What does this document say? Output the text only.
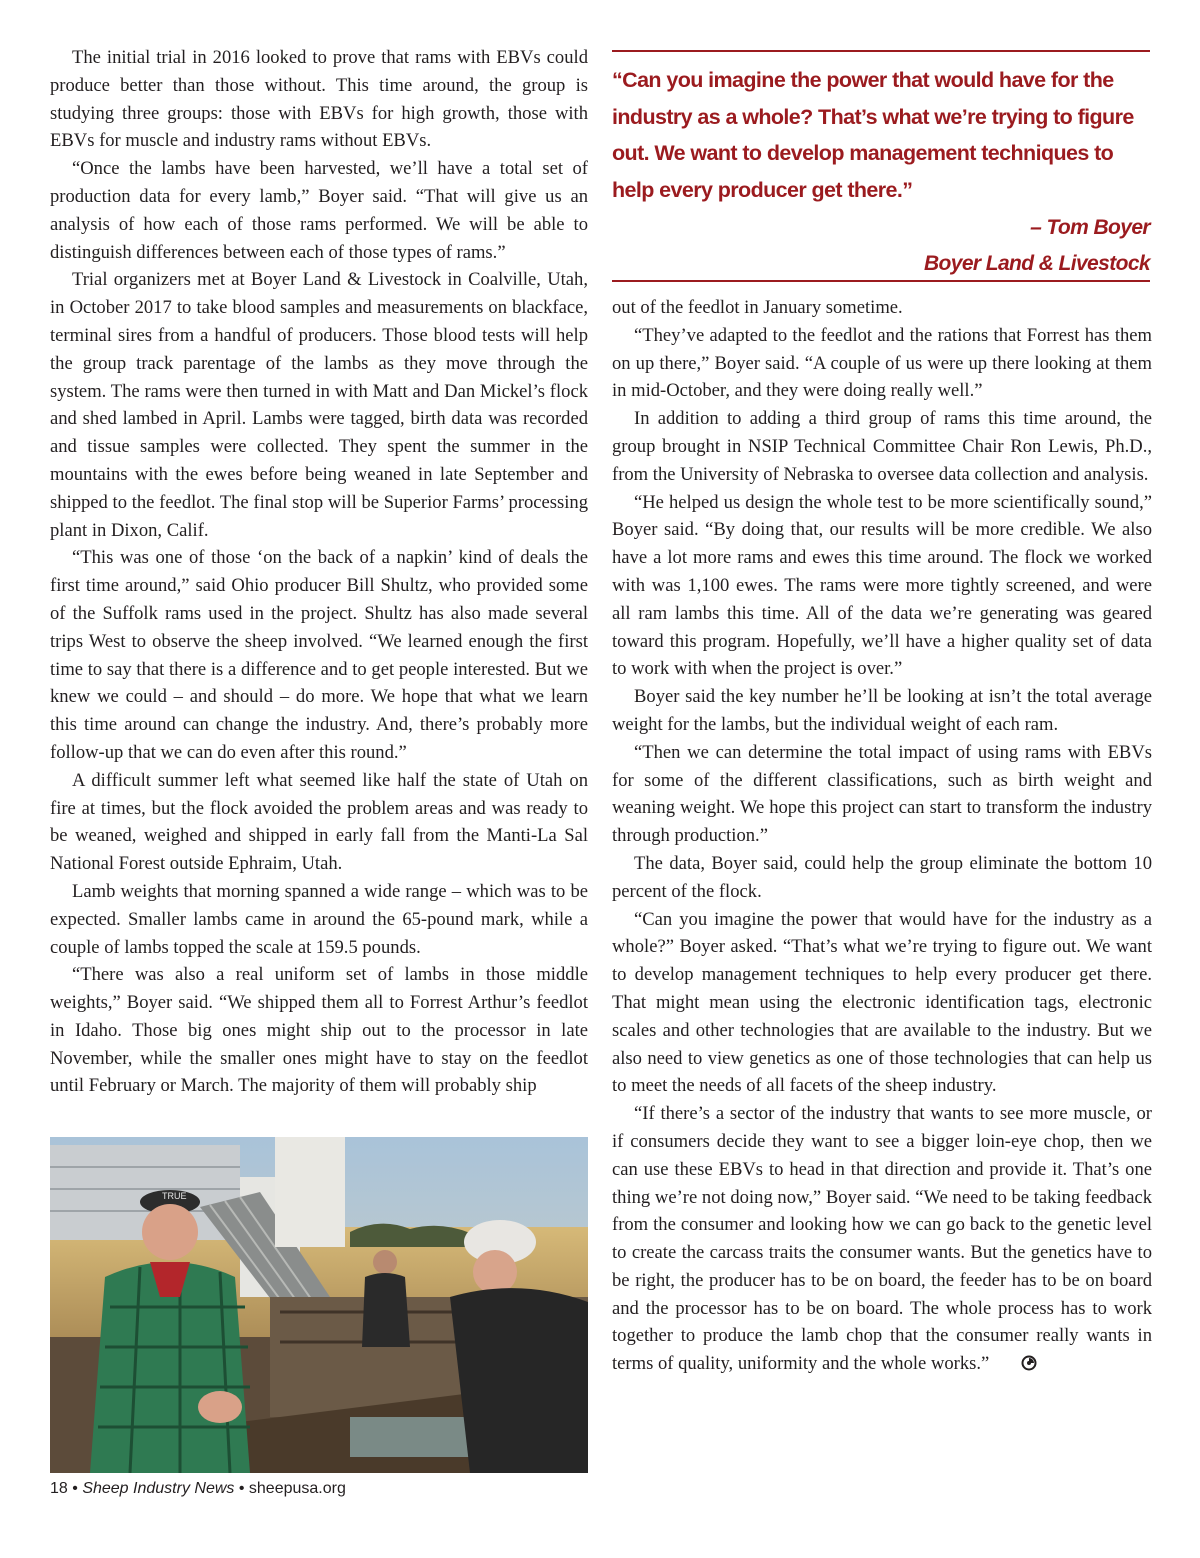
“Can you imagine the power that would have for the industry as a whole? That’s what we’re trying to figure out. We want to develop management techniques to help every producer get there.”
– Tom Boyer
Boyer Land & Livestock

The initial trial in 2016 looked to prove that rams with EBVs could produce better than those without. This time around, the group is studying three groups: those with EBVs for high growth, those with EBVs for muscle and industry rams without EBVs.

“Once the lambs have been harvested, we’ll have a total set of production data for every lamb,” Boyer said. “That will give us an analysis of how each of those rams performed. We will be able to distinguish differences between each of those types of rams.”

Trial organizers met at Boyer Land & Livestock in Coalville, Utah, in October 2017 to take blood samples and measurements on blackface, terminal sires from a handful of producers. Those blood tests will help the group track parentage of the lambs as they move through the system. The rams were then turned in with Matt and Dan Mickel’s flock and shed lambed in April. Lambs were tagged, birth data was recorded and tissue samples were collected. They spent the summer in the mountains with the ewes before being weaned in late September and shipped to the feedlot. The final stop will be Superior Farms’ processing plant in Dixon, Calif.

“This was one of those ‘on the back of a napkin’ kind of deals the first time around,” said Ohio producer Bill Shultz, who provided some of the Suffolk rams used in the project. Shultz has also made several trips West to observe the sheep involved. “We learned enough the first time to say that there is a difference and to get people interested. But we knew we could – and should – do more. We hope that what we learn this time around can change the industry. And, there’s probably more follow-up that we can do even after this round.”

A difficult summer left what seemed like half the state of Utah on fire at times, but the flock avoided the problem areas and was ready to be weaned, weighed and shipped in early fall from the Manti-La Sal National Forest outside Ephraim, Utah.

Lamb weights that morning spanned a wide range – which was to be expected. Smaller lambs came in around the 65-pound mark, while a couple of lambs topped the scale at 159.5 pounds.

“There was also a real uniform set of lambs in those middle weights,” Boyer said. “We shipped them all to Forrest Arthur’s feedlot in Idaho. Those big ones might ship out to the processor in late November, while the smaller ones might have to stay on the feedlot until February or March. The majority of them will probably ship

out of the feedlot in January sometime.

“They’ve adapted to the feedlot and the rations that Forrest has them on up there,” Boyer said. “A couple of us were up there looking at them in mid-October, and they were doing really well.”

In addition to adding a third group of rams this time around, the group brought in NSIP Technical Committee Chair Ron Lewis, Ph.D., from the University of Nebraska to oversee data collection and analysis.

“He helped us design the whole test to be more scientifically sound,” Boyer said. “By doing that, our results will be more credible. We also have a lot more rams and ewes this time around. The flock we worked with was 1,100 ewes. The rams were more tightly screened, and were all ram lambs this time. All of the data we’re generating was geared toward this program. Hopefully, we’ll have a higher quality set of data to work with when the project is over.”

Boyer said the key number he’ll be looking at isn’t the total average weight for the lambs, but the individual weight of each ram.

“Then we can determine the total impact of using rams with EBVs for some of the different classifications, such as birth weight and weaning weight. We hope this project can start to transform the industry through production.”

The data, Boyer said, could help the group eliminate the bottom 10 percent of the flock.

“Can you imagine the power that would have for the industry as a whole?” Boyer asked. “That’s what we’re trying to figure out. We want to develop management techniques to help every producer get there. That might mean using the electronic identification tags, electronic scales and other technologies that are available to the industry. But we also need to view genetics as one of those technologies that can help us to meet the needs of all facets of the sheep industry.

“If there’s a sector of the industry that wants to see more muscle, or if consumers decide they want to see a bigger loin-eye chop, then we can use these EBVs to head in that direction and provide it. That’s one thing we’re not doing now,” Boyer said. “We need to be taking feedback from the consumer and looking how we can go back to the genetic level to create the carcass traits the consumer wants. But the genetics have to be right, the producer has to be on board, the feeder has to be on board and the processor has to be on board. The whole process has to work together to produce the lamb chop that the consumer really wants in terms of quality, uniformity and the whole works.”

TRUE
18 • Sheep Industry News • sheepusa.org
